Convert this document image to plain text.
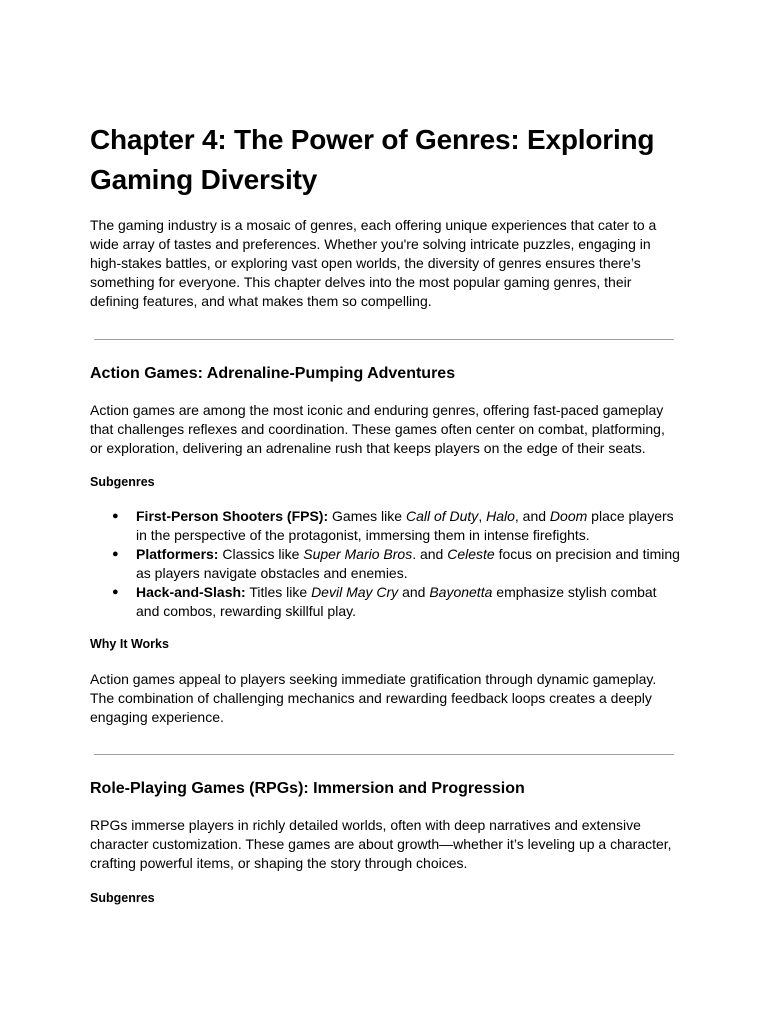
Chapter 4: The Power of Genres: Exploring Gaming Diversity

The gaming industry is a mosaic of genres, each offering unique experiences that cater to a wide array of tastes and preferences. Whether you're solving intricate puzzles, engaging in high-stakes battles, or exploring vast open worlds, the diversity of genres ensures there’s something for everyone. This chapter delves into the most popular gaming genres, their defining features, and what makes them so compelling.

Action Games: Adrenaline-Pumping Adventures

Action games are among the most iconic and enduring genres, offering fast-paced gameplay that challenges reflexes and coordination. These games often center on combat, platforming, or exploration, delivering an adrenaline rush that keeps players on the edge of their seats.

Subgenres
● First-Person Shooters (FPS): Games like Call of Duty, Halo, and Doom place players in the perspective of the protagonist, immersing them in intense firefights.
● Platformers: Classics like Super Mario Bros. and Celeste focus on precision and timing as players navigate obstacles and enemies.
● Hack-and-Slash: Titles like Devil May Cry and Bayonetta emphasize stylish combat and combos, rewarding skillful play.
Why It Works

Action games appeal to players seeking immediate gratification through dynamic gameplay. The combination of challenging mechanics and rewarding feedback loops creates a deeply engaging experience.

Role-Playing Games (RPGs): Immersion and Progression

RPGs immerse players in richly detailed worlds, often with deep narratives and extensive character customization. These games are about growth—whether it’s leveling up a character, crafting powerful items, or shaping the story through choices.

Subgenres
